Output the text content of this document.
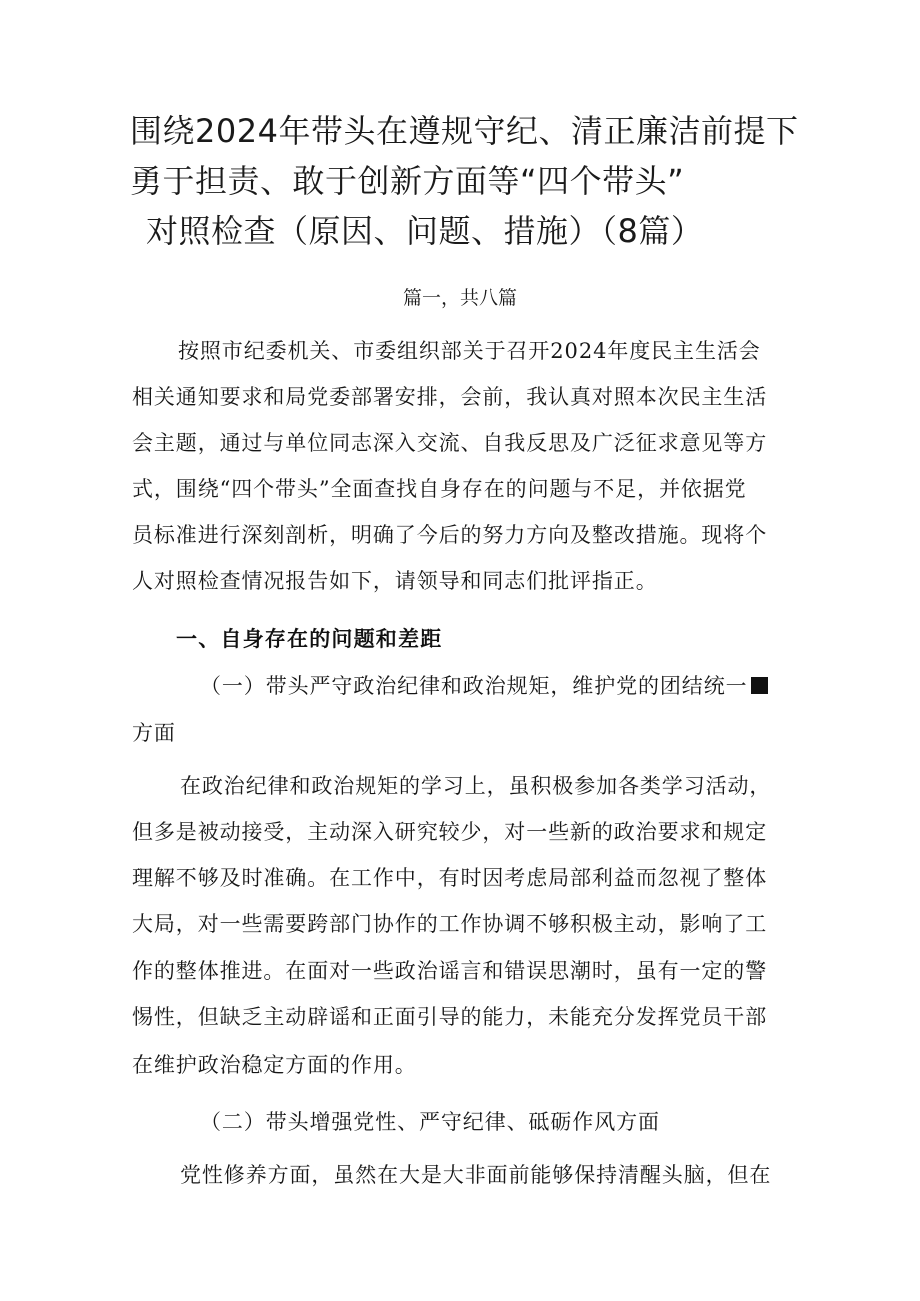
围绕2024年带头在遵规守纪、清正廉洁前提下
勇于担责、敢于创新方面等“四个带头”
对照检查（原因、问题、措施）（8篇）
篇一，共八篇
按照市纪委机关、市委组织部关于召开2024年度民主生活会
相关通知要求和局党委部署安排，会前，我认真对照本次民主生活
会主题，通过与单位同志深入交流、自我反思及广泛征求意见等方
式，围绕“四个带头”全面查找自身存在的问题与不足，并依据党
员标准进行深刻剖析，明确了今后的努力方向及整改措施。现将个
人对照检查情况报告如下，请领导和同志们批评指正。
一、自身存在的问题和差距
（一）带头严守政治纪律和政治规矩，维护党的团结统一
方面
在政治纪律和政治规矩的学习上，虽积极参加各类学习活动，
但多是被动接受，主动深入研究较少，对一些新的政治要求和规定
理解不够及时准确。在工作中，有时因考虑局部利益而忽视了整体
大局，对一些需要跨部门协作的工作协调不够积极主动，影响了工
作的整体推进。在面对一些政治谣言和错误思潮时，虽有一定的警
惕性，但缺乏主动辟谣和正面引导的能力，未能充分发挥党员干部
在维护政治稳定方面的作用。
（二）带头增强党性、严守纪律、砥砺作风方面
党性修养方面，虽然在大是大非面前能够保持清醒头脑，但在
